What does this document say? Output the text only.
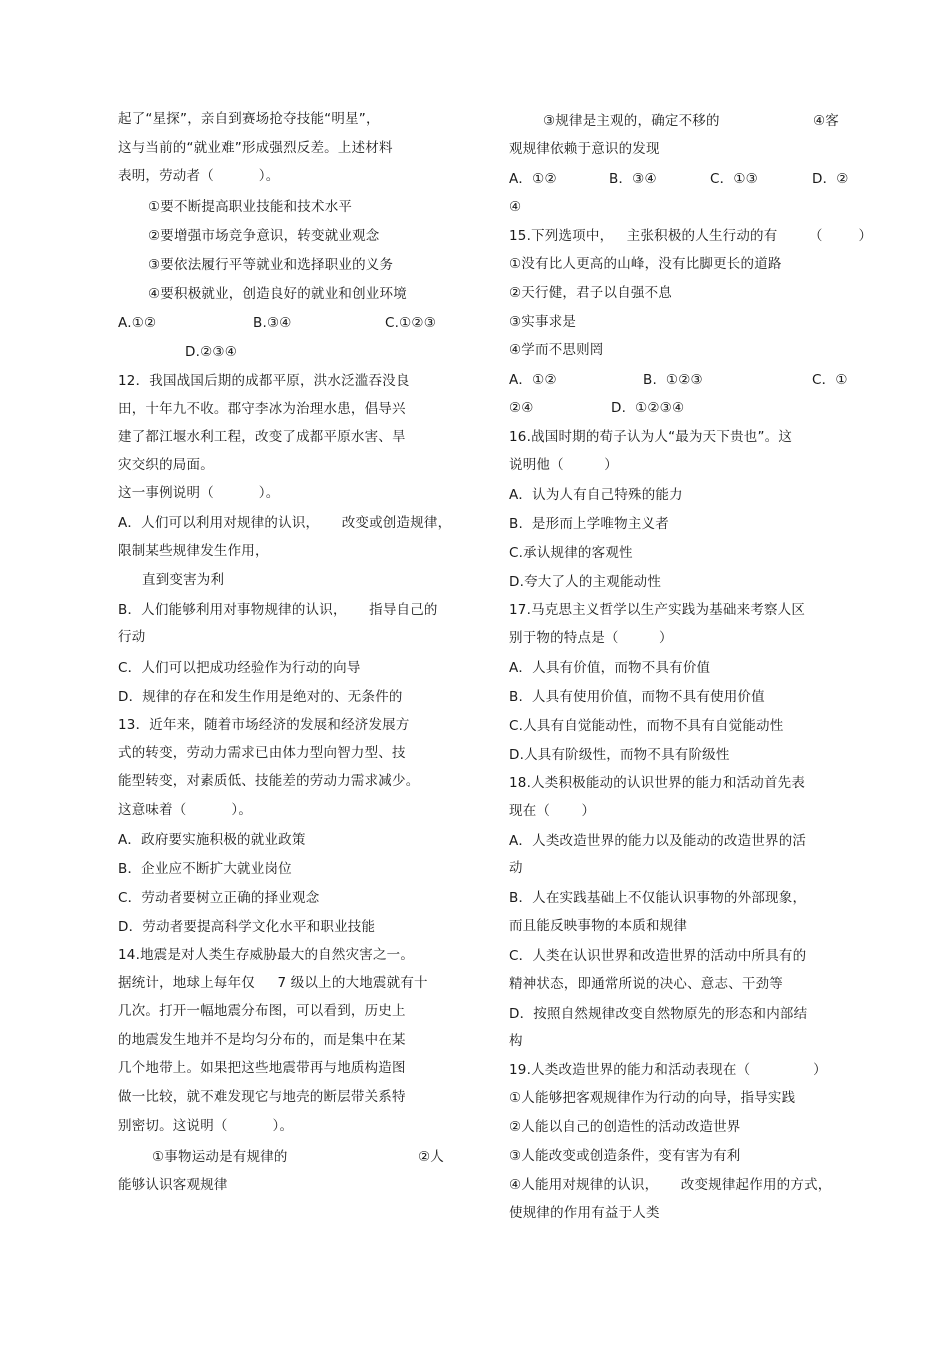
起了“星探”，亲自到赛场抢夺技能“明星”，
这与当前的“就业难”形成强烈反差。上述材料
表明，劳动者（          ）。
①要不断提高职业技能和技术水平
②要增强市场竞争意识，转变就业观念
③要依法履行平等就业和选择职业的义务
④要积极就业，创造良好的就业和创业环境
A.①②	B.③④	C.①②③
D.②③④
12．我国战国后期的成都平原，洪水泛滥吞没良
田，十年九不收。郡守李冰为治理水患，倡导兴
建了都江堰水利工程，改变了成都平原水害、旱
灾交织的局面。
这一事例说明（          ）。
A．人们可以利用对规律的认识，     改变或创造规律，
限制某些规律发生作用，
直到变害为利
B．人们能够利用对事物规律的认识，     指导自己的
行动
C．人们可以把成功经验作为行动的向导
D．规律的存在和发生作用是绝对的、无条件的
13．近年来，随着市场经济的发展和经济发展方
式的转变，劳动力需求已由体力型向智力型、技
能型转变，对素质低、技能差的劳动力需求减少。
这意味着（          ）。
A．政府要实施积极的就业政策
B．企业应不断扩大就业岗位
C．劳动者要树立正确的择业观念
D．劳动者要提高科学文化水平和职业技能
14.地震是对人类生存威胁最大的自然灾害之一。
据统计，地球上每年仅     7 级以上的大地震就有十
几次。打开一幅地震分布图，可以看到，历史上
的地震发生地并不是均匀分布的，而是集中在某
几个地带上。如果把这些地震带再与地质构造图
做一比较，就不难发现它与地壳的断层带关系特
别密切。这说明（          ）。
①事物运动是有规律的	②人
能够认识客观规律
③规律是主观的，确定不移的	④客
观规律依赖于意识的发现
A．①②	B．③④	C．①③	D．②
④
15.下列选项中，   主张积极的人生行动的有       （        ）
①没有比人更高的山峰，没有比脚更长的道路
②天行健，君子以自强不息
③实事求是
④学而不思则罔
A．①②	B.  ①②③	C．①
②④	D.  ①②③④
16.战国时期的荀子认为人“最为天下贵也”。这
说明他（         ）
A．认为人有自己特殊的能力
B.  是形而上学唯物主义者
C.承认规律的客观性
D.夸大了人的主观能动性
17.马克思主义哲学以生产实践为基础来考察人区
别于物的特点是（         ）
A．人具有价值，而物不具有价值
B.  人具有使用价值，而物不具有使用价值
C.人具有自觉能动性，而物不具有自觉能动性
D.人具有阶级性，而物不具有阶级性
18.人类积极能动的认识世界的能力和活动首先表
现在（       ）
A．人类改造世界的能力以及能动的改造世界的活
动
B．人在实践基础上不仅能认识事物的外部现象，
而且能反映事物的本质和规律
C．人类在认识世界和改造世界的活动中所具有的
精神状态，即通常所说的决心、意志、干劲等
D．按照自然规律改变自然物原先的形态和内部结
构
19.人类改造世界的能力和活动表现在（              ）
①人能够把客观规律作为行动的向导，指导实践
②人能以自己的创造性的活动改造世界
③人能改变或创造条件，变有害为有利
④人能用对规律的认识，     改变规律起作用的方式，
使规律的作用有益于人类
